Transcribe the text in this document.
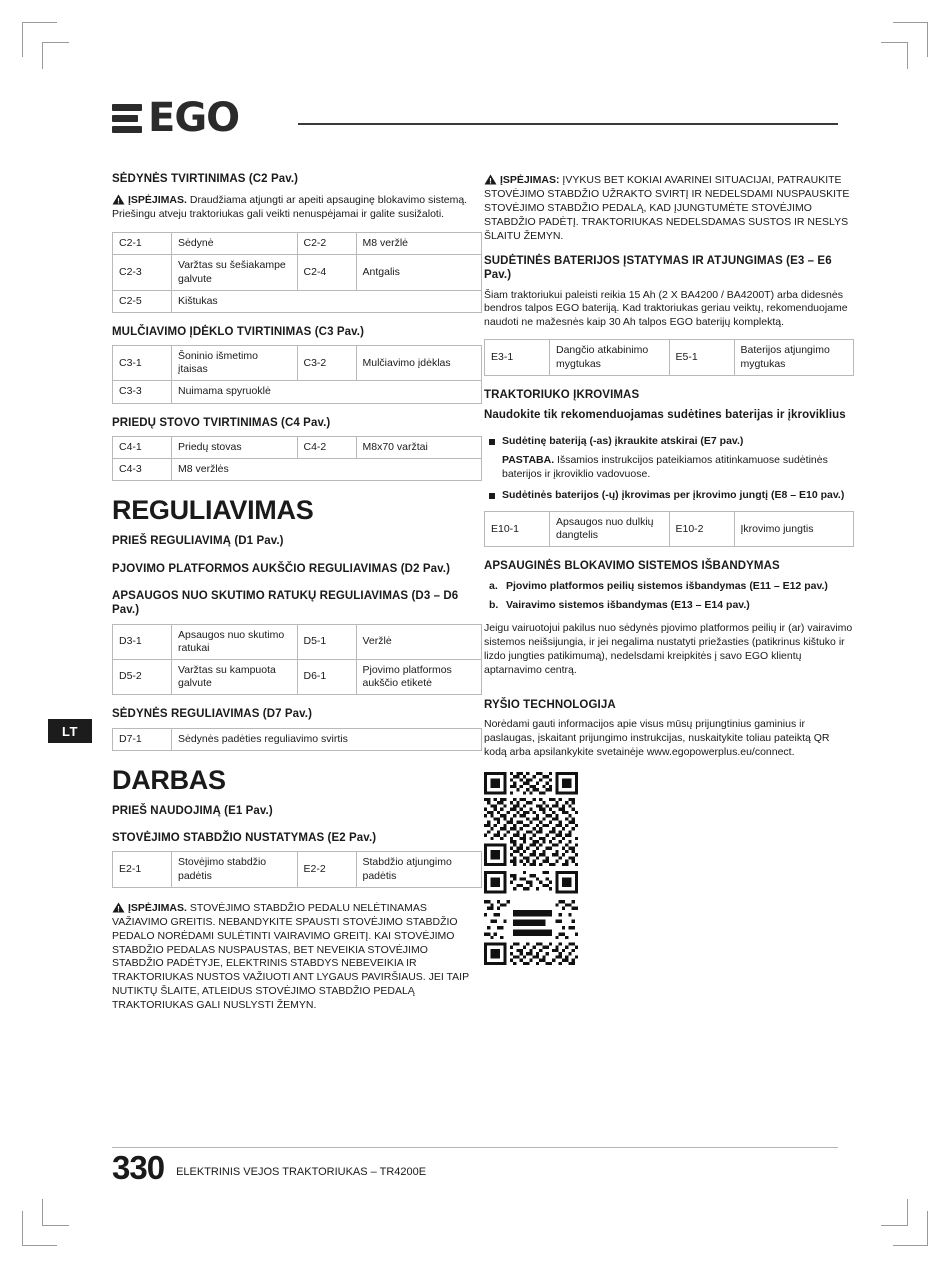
EGO
LT
SĖDYNĖS TVIRTINIMAS (C2 Pav.)
ĮSPĖJIMAS. Draudžiama atjungti ar apeiti apsauginę blokavimo sistemą. Priešingu atveju traktoriukas gali veikti nenuspėjamai ir galite susižaloti.
C2-1	Sėdynė	C2-2	M8 veržlė
C2-3	Varžtas su šešiakampe galvute	C2-4	Antgalis
C2-5	Kištukas		
MULČIAVIMO ĮDĖKLO TVIRTINIMAS (C3 Pav.)
C3-1	Šoninio išmetimo įtaisas	C3-2	Mulčiavimo įdėklas
C3-3	Nuimama spyruoklė		
PRIEDŲ STOVO TVIRTINIMAS (C4 Pav.)
C4-1	Priedų stovas	C4-2	M8x70 varžtai
C4-3	M8 veržlės		
REGULIAVIMAS
PRIEŠ REGULIAVIMĄ (D1 Pav.)
PJOVIMO PLATFORMOS AUKŠČIO REGULIAVIMAS (D2 Pav.)
APSAUGOS NUO SKUTIMO RATUKŲ REGULIAVIMAS (D3 – D6 Pav.)
D3-1	Apsaugos nuo skutimo ratukai	D5-1	Veržlė
D5-2	Varžtas su kampuota galvute	D6-1	Pjovimo platformos aukščio etiketė
SĖDYNĖS REGULIAVIMAS (D7 Pav.)
D7-1	Sėdynės padėties reguliavimo svirtis
DARBAS
PRIEŠ NAUDOJIMĄ (E1 Pav.)
STOVĖJIMO STABDŽIO NUSTATYMAS (E2 Pav.)
E2-1	Stovėjimo stabdžio padėtis	E2-2	Stabdžio atjungimo padėtis
ĮSPĖJIMAS. STOVĖJIMO STABDŽIO PEDALU NELĖTINAMAS VAŽIAVIMO GREITIS. NEBANDYKITE SPAUSTI STOVĖJIMO STABDŽIO PEDALO NORĖDAMI SULĖTINTI VAIRAVIMO GREITĮ. KAI STOVĖJIMO STABDŽIO PEDALAS NUSPAUSTAS, BET NEVEIKIA STOVĖJIMO STABDŽIO PADĖTYJE, ELEKTRINIS STABDYS NEBEVEIKIA IR TRAKTORIUKAS NUSTOS VAŽIUOTI ANT LYGAUS PAVIRŠIAUS. JEI TAIP NUTIKTŲ ŠLAITE, ATLEIDUS STOVĖJIMO STABDŽIO PEDALĄ TRAKTORIUKAS GALI NUSLYSTI ŽEMYN.
ĮSPĖJIMAS: ĮVYKUS BET KOKIAI AVARINEI SITUACIJAI, PATRAUKITE STOVĖJIMO STABDŽIO UŽRAKTO SVIRTĮ IR NEDELSDAMI NUSPAUSKITE STOVĖJIMO STABDŽIO PEDALĄ, KAD ĮJUNGTUMĖTE STOVĖJIMO STABDŽIO PADĖTĮ. TRAKTORIUKAS NEDELSDAMAS SUSTOS IR NESLYS ŠLAITU ŽEMYN.
SUDĖTINĖS BATERIJOS ĮSTATYMAS IR ATJUNGIMAS (E3 – E6 Pav.)

Šiam traktoriukui paleisti reikia 15 Ah (2 X BA4200 / BA4200T) arba didesnės bendros talpos EGO bateriją. Kad traktoriukas geriau veiktų, rekomenduojame naudoti ne mažesnės kaip 30 Ah talpos EGO baterijų komplektą.

E3-1	Dangčio atkabinimo mygtukas	E5-1	Baterijos atjungimo mygtukas
TRAKTORIUKO ĮKROVIMAS
Naudokite tik rekomenduojamas sudėtines baterijas ir įkroviklius
Sudėtinę bateriją (-as) įkraukite atskirai (E7 pav.)
PASTABA. Išsamios instrukcijos pateikiamos atitinkamuose sudėtinės baterijos ir įkroviklio vadovuose.
Sudėtinės baterijos (-ų) įkrovimas per įkrovimo jungtį (E8 – E10 pav.)
E10-1	Apsaugos nuo dulkių dangtelis	E10-2	Įkrovimo jungtis
APSAUGINĖS BLOKAVIMO SISTEMOS IŠBANDYMAS
Pjovimo platformos peilių sistemos išbandymas (E11 – E12 pav.)
Vairavimo sistemos išbandymas (E13 – E14 pav.)

Jeigu vairuotojui pakilus nuo sėdynės pjovimo platformos peilių ir (ar) vairavimo sistemos neišsijungia, ir jei negalima nustatyti priežasties (patikrinus kištuko ir lizdo jungties patikimumą), nedelsdami kreipkitės į savo EGO klientų aptarnavimo centrą.

RYŠIO TECHNOLOGIJA

Norėdami gauti informacijos apie visus mūsų prijungtinius gaminius ir paslaugas, įskaitant prijungimo instrukcijas, nuskaitykite toliau pateiktą QR kodą arba apsilankykite svetainėje www.egopowerplus.eu/connect.

330 ELEKTRINIS VEJOS TRAKTORIUKAS – TR4200E
